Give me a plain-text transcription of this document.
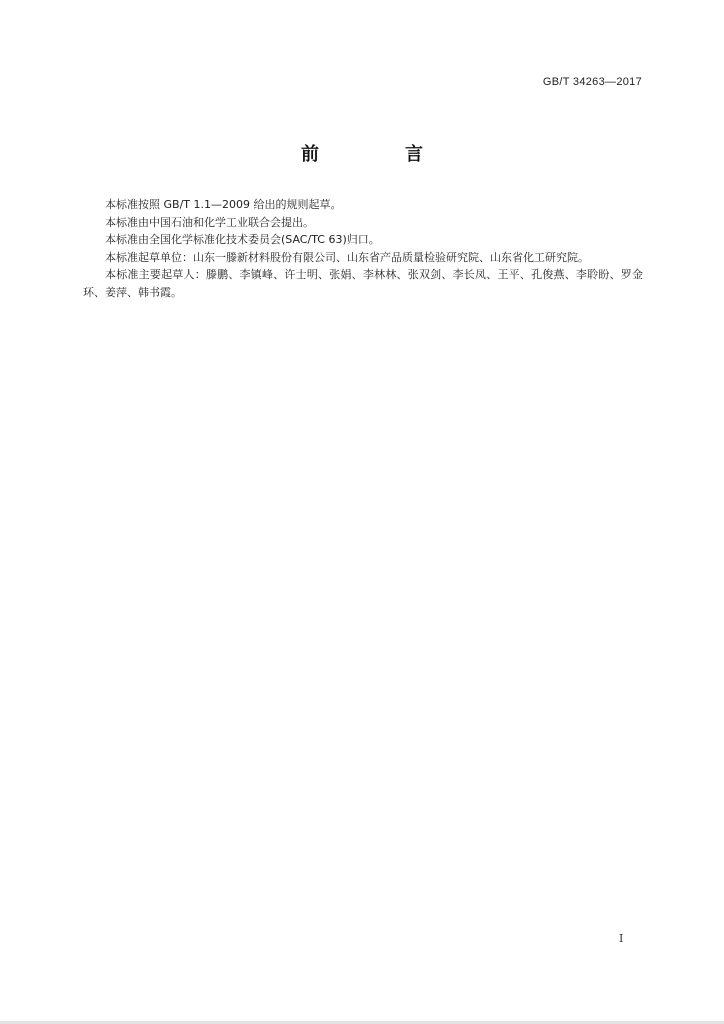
GB/T 34263—2017
前　言

本标准按照 GB/T 1.1—2009 给出的规则起草。

本标准由中国石油和化学工业联合会提出。

本标准由全国化学标准化技术委员会(SAC/TC 63)归口。

本标准起草单位：山东一滕新材料股份有限公司、山东省产品质量检验研究院、山东省化工研究院。

本标准主要起草人：滕鹏、李镇峰、许士明、张娟、李林林、张双剑、李长凤、王平、孔俊燕、李聆盼、罗金环、姜萍、韩书霞。

I
